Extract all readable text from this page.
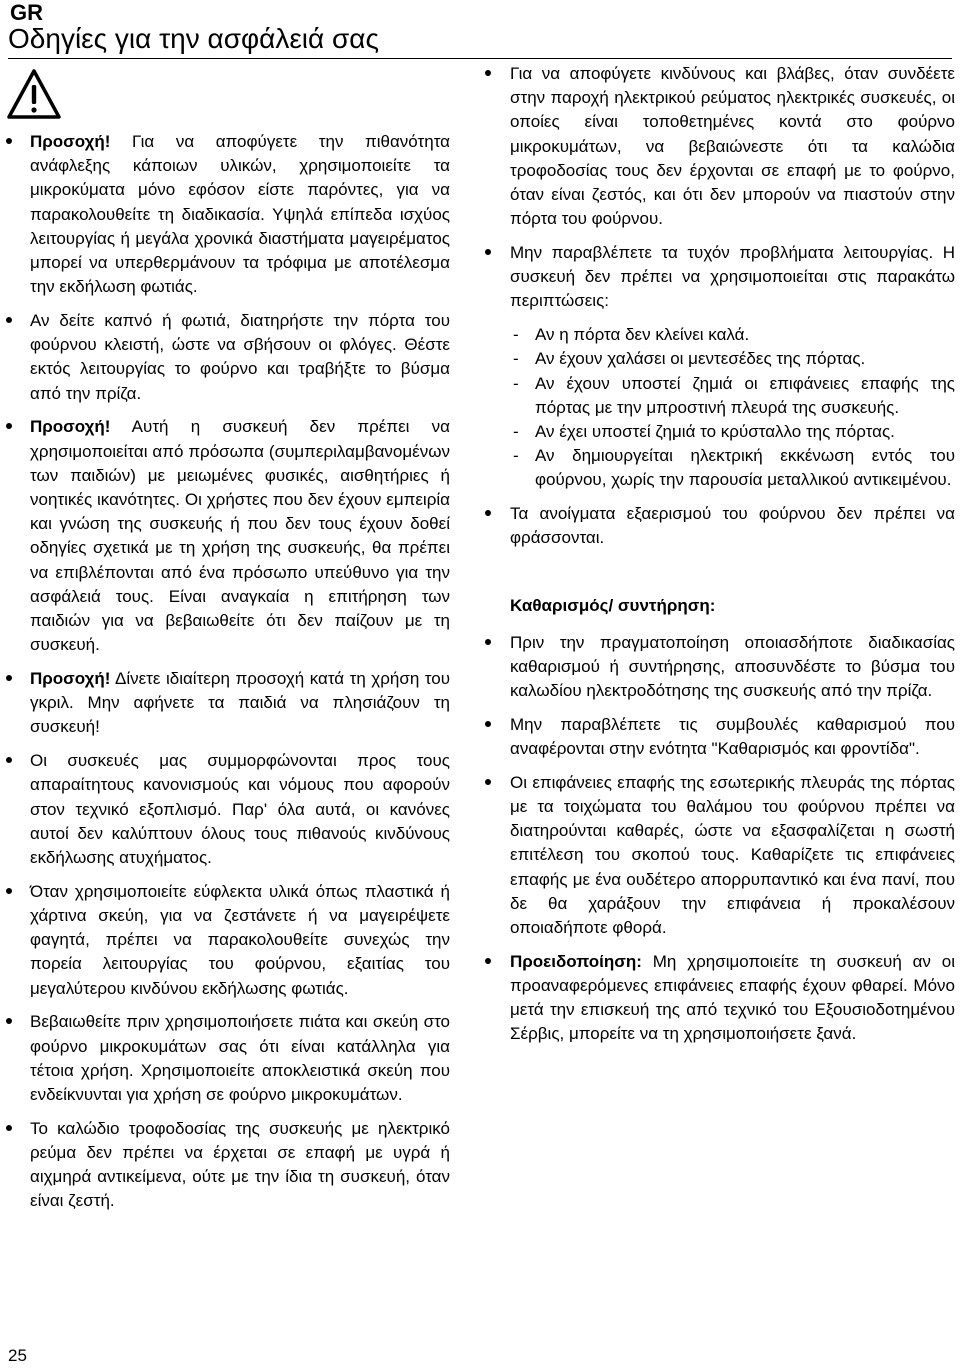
GR
Οδηγίες για την ασφάλειά σας
Προσοχή! Για να αποφύγετε την πιθανότητα ανάφλεξης κάποιων υλικών, χρησιμοποιείτε τα μικροκύματα μόνο εφόσον είστε παρόντες, για να παρακολουθείτε τη διαδικασία. Υψηλά επίπεδα ισχύος λειτουργίας ή μεγάλα χρονικά διαστήματα μαγειρέματος μπορεί να υπερθερμάνουν τα τρόφιμα με αποτέλεσμα την εκδήλωση φωτιάς.
Αν δείτε καπνό ή φωτιά, διατηρήστε την πόρτα του φούρνου κλειστή, ώστε να σβήσουν οι φλόγες. Θέστε εκτός λειτουργίας το φούρνο και τραβήξτε το βύσμα από την πρίζα.
Προσοχή! Αυτή η συσκευή δεν πρέπει να χρησιμοποιείται από πρόσωπα (συμπεριλαμβανομένων των παιδιών) με μειωμένες φυσικές, αισθητήριες ή νοητικές ικανότητες. Οι χρήστες που δεν έχουν εμπειρία και γνώση της συσκευής ή που δεν τους έχουν δοθεί οδηγίες σχετικά με τη χρήση της συσκευής, θα πρέπει να επιβλέπονται από ένα πρόσωπο υπεύθυνο για την ασφάλειά τους. Είναι αναγκαία η επιτήρηση των παιδιών για να βεβαιωθείτε ότι δεν παίζουν με τη συσκευή.
Προσοχή! Δίνετε ιδιαίτερη προσοχή κατά τη χρήση του γκριλ. Μην αφήνετε τα παιδιά να πλησιάζουν τη συσκευή!
Οι συσκευές μας συμμορφώνονται προς τους απαραίτητους κανονισμούς και νόμους που αφορούν στον τεχνικό εξοπλισμό. Παρ' όλα αυτά, οι κανόνες αυτοί δεν καλύπτουν όλους τους πιθανούς κινδύνους εκδήλωσης ατυχήματος.
Όταν χρησιμοποιείτε εύφλεκτα υλικά όπως πλαστικά ή χάρτινα σκεύη, για να ζεστάνετε ή να μαγειρέψετε φαγητά, πρέπει να παρακολουθείτε συνεχώς την πορεία λειτουργίας του φούρνου, εξαιτίας του μεγαλύτερου κινδύνου εκδήλωσης φωτιάς.
Βεβαιωθείτε πριν χρησιμοποιήσετε πιάτα και σκεύη στο φούρνο μικροκυμάτων σας ότι είναι κατάλληλα για τέτοια χρήση. Χρησιμοποιείτε αποκλειστικά σκεύη που ενδείκνυνται για χρήση σε φούρνο μικροκυμάτων.
Το καλώδιο τροφοδοσίας της συσκευής με ηλεκτρικό ρεύμα δεν πρέπει να έρχεται σε επαφή με υγρά ή αιχμηρά αντικείμενα, ούτε με την ίδια τη συσκευή, όταν είναι ζεστή.
Για να αποφύγετε κινδύνους και βλάβες, όταν συνδέετε στην παροχή ηλεκτρικού ρεύματος ηλεκτρικές συσκευές, οι οποίες είναι τοποθετημένες κοντά στο φούρνο μικροκυμάτων, να βεβαιώνεστε ότι τα καλώδια τροφοδοσίας τους δεν έρχονται σε επαφή με το φούρνο, όταν είναι ζεστός, και ότι δεν μπορούν να πιαστούν στην πόρτα του φούρνου.
Μην παραβλέπετε τα τυχόν προβλήματα λειτουργίας. Η συσκευή δεν πρέπει να χρησιμοποιείται στις παρακάτω περιπτώσεις:
- Αν η πόρτα δεν κλείνει καλά.
- Αν έχουν χαλάσει οι μεντεσέδες της πόρτας.
- Αν έχουν υποστεί ζημιά οι επιφάνειες επαφής της πόρτας με την μπροστινή πλευρά της συσκευής.
- Αν έχει υποστεί ζημιά το κρύσταλλο της πόρτας.
- Αν δημιουργείται ηλεκτρική εκκένωση εντός του φούρνου, χωρίς την παρουσία μεταλλικού αντικειμένου.
Τα ανοίγματα εξαερισμού του φούρνου δεν πρέπει να φράσσονται.
Καθαρισμός/ συντήρηση:
Πριν την πραγματοποίηση οποιασδήποτε διαδικασίας καθαρισμού ή συντήρησης, αποσυνδέστε το βύσμα του καλωδίου ηλεκτροδότησης της συσκευής από την πρίζα.
Μην παραβλέπετε τις συμβουλές καθαρισμού που αναφέρονται στην ενότητα "Καθαρισμός και φροντίδα".
Οι επιφάνειες επαφής της εσωτερικής πλευράς της πόρτας με τα τοιχώματα του θαλάμου του φούρνου πρέπει να διατηρούνται καθαρές, ώστε να εξασφαλίζεται η σωστή επιτέλεση του σκοπού τους. Καθαρίζετε τις επιφάνειες επαφής με ένα ουδέτερο απορρυπαντικό και ένα πανί, που δε θα χαράξουν την επιφάνεια ή προκαλέσουν οποιαδήποτε φθορά.
Προειδοποίηση: Μη χρησιμοποιείτε τη συσκευή αν οι προαναφερόμενες επιφάνειες επαφής έχουν φθαρεί. Μόνο μετά την επισκευή της από τεχνικό του Εξουσιοδοτημένου Σέρβις, μπορείτε να τη χρησιμοποιήσετε ξανά.
25
